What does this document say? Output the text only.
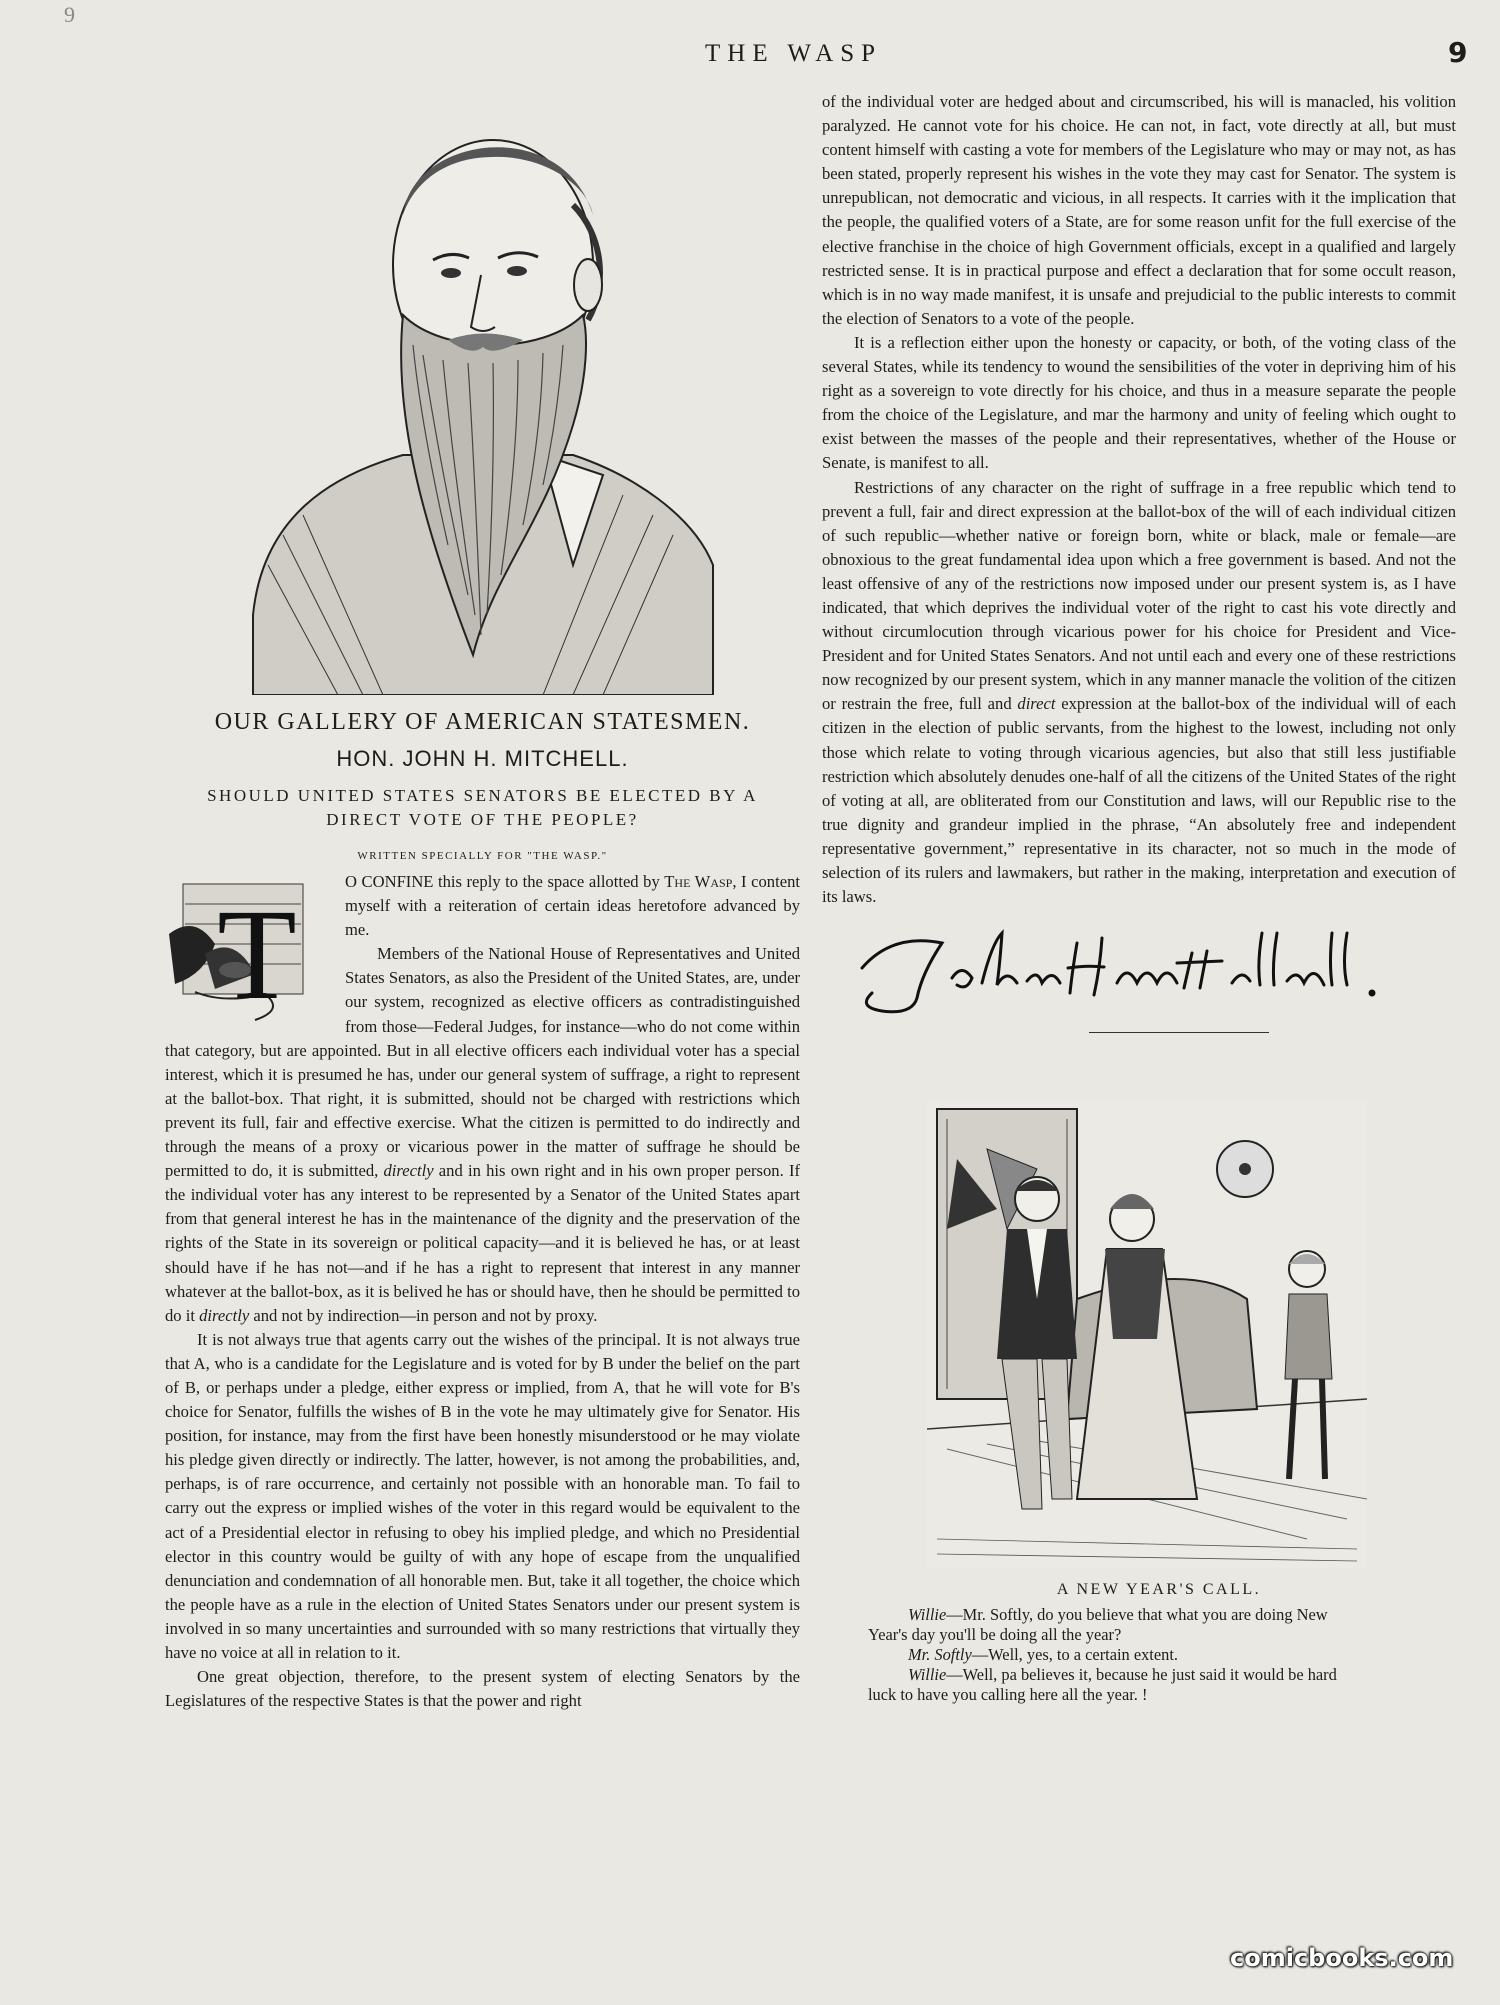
9
THE WASP	9
OUR GALLERY OF AMERICAN STATESMEN.
HON. JOHN H. MITCHELL.
SHOULD UNITED STATES SENATORS BE ELECTED BY A DIRECT VOTE OF THE PEOPLE?
WRITTEN SPECIALLY FOR "THE WASP."
T

O CONFINE this reply to the space allotted by The Wasp, I content myself with a reiteration of certain ideas heretofore advanced by me.

Members of the National House of Representatives and United States Senators, as also the President of the United States, are, under our system, recognized as elective officers as contradistinguished from those—Federal Judges, for instance—who do not come within that category, but are appointed. But in all elective officers each individual voter has a special interest, which it is presumed he has, under our general system of suffrage, a right to represent at the ballot-box. That right, it is submitted, should not be charged with restrictions which prevent its full, fair and effective exercise. What the citizen is permitted to do indirectly and through the means of a proxy or vicarious power in the matter of suffrage he should be permitted to do, it is submitted, directly and in his own right and in his own proper person. If the individual voter has any interest to be represented by a Senator of the United States apart from that general interest he has in the maintenance of the dignity and the preservation of the rights of the State in its sovereign or political capacity—and it is believed he has, or at least should have if he has not—and if he has a right to represent that interest in any manner whatever at the ballot-box, as it is belived he has or should have, then he should be permitted to do it directly and not by indirection—in person and not by proxy.

It is not always true that agents carry out the wishes of the principal. It is not always true that A, who is a candidate for the Legislature and is voted for by B under the belief on the part of B, or perhaps under a pledge, either express or implied, from A, that he will vote for B's choice for Senator, fulfills the wishes of B in the vote he may ultimately give for Senator. His position, for instance, may from the first have been honestly misunderstood or he may violate his pledge given directly or indirectly. The latter, however, is not among the probabilities, and, perhaps, is of rare occurrence, and certainly not possible with an honorable man. To fail to carry out the express or implied wishes of the voter in this regard would be equivalent to the act of a Presidential elector in refusing to obey his implied pledge, and which no Presidential elector in this country would be guilty of with any hope of escape from the unqualified denunciation and condemnation of all honorable men. But, take it all together, the choice which the people have as a rule in the election of United States Senators under our present system is involved in so many uncertainties and surrounded with so many restrictions that virtually they have no voice at all in relation to it.

One great objection, therefore, to the present system of electing Senators by the Legislatures of the respective States is that the power and right

of the individual voter are hedged about and circumscribed, his will is manacled, his volition paralyzed. He cannot vote for his choice. He can not, in fact, vote directly at all, but must content himself with casting a vote for members of the Legislature who may or may not, as has been stated, properly represent his wishes in the vote they may cast for Senator. The system is unrepublican, not democratic and vicious, in all respects. It carries with it the implication that the people, the qualified voters of a State, are for some reason unfit for the full exercise of the elective franchise in the choice of high Government officials, except in a qualified and largely restricted sense. It is in practical purpose and effect a declaration that for some occult reason, which is in no way made manifest, it is unsafe and prejudicial to the public interests to commit the election of Senators to a vote of the people.

It is a reflection either upon the honesty or capacity, or both, of the voting class of the several States, while its tendency to wound the sensibilities of the voter in depriving him of his right as a sovereign to vote directly for his choice, and thus in a measure separate the people from the choice of the Legislature, and mar the harmony and unity of feeling which ought to exist between the masses of the people and their representatives, whether of the House or Senate, is manifest to all.

Restrictions of any character on the right of suffrage in a free republic which tend to prevent a full, fair and direct expression at the ballot-box of the will of each individual citizen of such republic—whether native or foreign born, white or black, male or female—are obnoxious to the great fundamental idea upon which a free government is based. And not the least offensive of any of the restrictions now imposed under our present system is, as I have indicated, that which deprives the individual voter of the right to cast his vote directly and without circumlocution through vicarious power for his choice for President and Vice-President and for United States Senators. And not until each and every one of these restrictions now recognized by our present system, which in any manner manacle the volition of the citizen or restrain the free, full and direct expression at the ballot-box of the individual will of each citizen in the election of public servants, from the highest to the lowest, including not only those which relate to voting through vicarious agencies, but also that still less justifiable restriction which absolutely denudes one-half of all the citizens of the United States of the right of voting at all, are obliterated from our Constitution and laws, will our Republic rise to the true dignity and grandeur implied in the phrase, “An absolutely free and independent representative government,” representative in its character, not so much in the mode of selection of its rulers and lawmakers, but rather in the making, interpretation and execution of its laws.

A NEW YEAR'S CALL.

Willie—Mr. Softly, do you believe that what you are doing New Year's day you'll be doing all the year?

Mr. Softly—Well, yes, to a certain extent.

Willie—Well, pa believes it, because he just said it would be hard luck to have you calling here all the year. !

comicbooks.com
